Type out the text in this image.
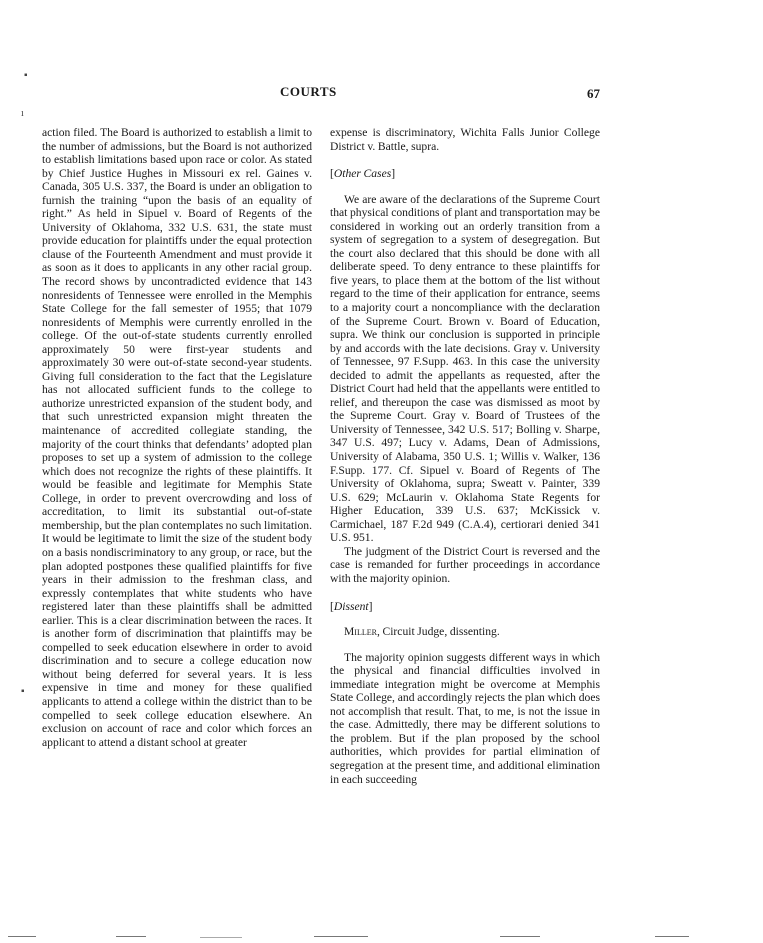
COURTS	67
▪
ı
▪

action filed. The Board is authorized to establish a limit to the number of admissions, but the Board is not authorized to establish limitations based upon race or color. As stated by Chief Justice Hughes in Missouri ex rel. Gaines v. Canada, 305 U.S. 337, the Board is under an obligation to furnish the training “upon the basis of an equality of right.” As held in Sipuel v. Board of Regents of the University of Oklahoma, 332 U.S. 631, the state must provide education for plaintiffs under the equal protection clause of the Fourteenth Amendment and must provide it as soon as it does to applicants in any other racial group. The record shows by uncontradicted evidence that 143 nonresidents of Tennessee were enrolled in the Memphis State College for the fall semester of 1955; that 1079 nonresidents of Memphis were currently enrolled in the college. Of the out-of-state students currently enrolled approximately 50 were first-year students and approximately 30 were out-of-state second-year students. Giving full consideration to the fact that the Legislature has not allocated sufficient funds to the college to authorize unrestricted expansion of the student body, and that such unrestricted expansion might threaten the maintenance of accredited collegiate standing, the majority of the court thinks that defendants’ adopted plan proposes to set up a system of admission to the college which does not recognize the rights of these plaintiffs. It would be feasible and legitimate for Memphis State College, in order to prevent overcrowding and loss of accreditation, to limit its substantial out-of-state membership, but the plan contemplates no such limitation. It would be legitimate to limit the size of the student body on a basis nondiscriminatory to any group, or race, but the plan adopted postpones these qualified plaintiffs for five years in their admission to the freshman class, and expressly contemplates that white students who have registered later than these plaintiffs shall be admitted earlier. This is a clear discrimination between the races. It is another form of discrimination that plaintiffs may be compelled to seek education elsewhere in order to avoid discrimination and to secure a college education now without being deferred for several years. It is less expensive in time and money for these qualified applicants to attend a college within the district than to be compelled to seek college education elsewhere. An exclusion on account of race and color which forces an applicant to attend a distant school at greater

expense is discriminatory, Wichita Falls Junior College District v. Battle, supra.

[Other Cases]

We are aware of the declarations of the Supreme Court that physical conditions of plant and transportation may be considered in working out an orderly transition from a system of segregation to a system of desegregation. But the court also declared that this should be done with all deliberate speed. To deny entrance to these plaintiffs for five years, to place them at the bottom of the list without regard to the time of their application for entrance, seems to a majority court a noncompliance with the declaration of the Supreme Court. Brown v. Board of Education, supra. We think our conclusion is supported in principle by and accords with the late decisions. Gray v. University of Tennessee, 97 F.Supp. 463. In this case the university decided to admit the appellants as requested, after the District Court had held that the appellants were entitled to relief, and thereupon the case was dismissed as moot by the Supreme Court. Gray v. Board of Trustees of the University of Tennessee, 342 U.S. 517; Bolling v. Sharpe, 347 U.S. 497; Lucy v. Adams, Dean of Admissions, University of Alabama, 350 U.S. 1; Willis v. Walker, 136 F.Supp. 177. Cf. Sipuel v. Board of Regents of The University of Oklahoma, supra; Sweatt v. Painter, 339 U.S. 629; McLaurin v. Oklahoma State Regents for Higher Education, 339 U.S. 637; McKissick v. Carmichael, 187 F.2d 949 (C.A.4), certiorari denied 341 U.S. 951.

The judgment of the District Court is reversed and the case is remanded for further proceedings in accordance with the majority opinion.

[Dissent]

Miller, Circuit Judge, dissenting.

The majority opinion suggests different ways in which the physical and financial difficulties involved in immediate integration might be overcome at Memphis State College, and accordingly rejects the plan which does not accomplish that result. That, to me, is not the issue in the case. Admittedly, there may be different solutions to the problem. But if the plan proposed by the school authorities, which provides for partial elimination of segregation at the present time, and additional elimination in each succeeding
